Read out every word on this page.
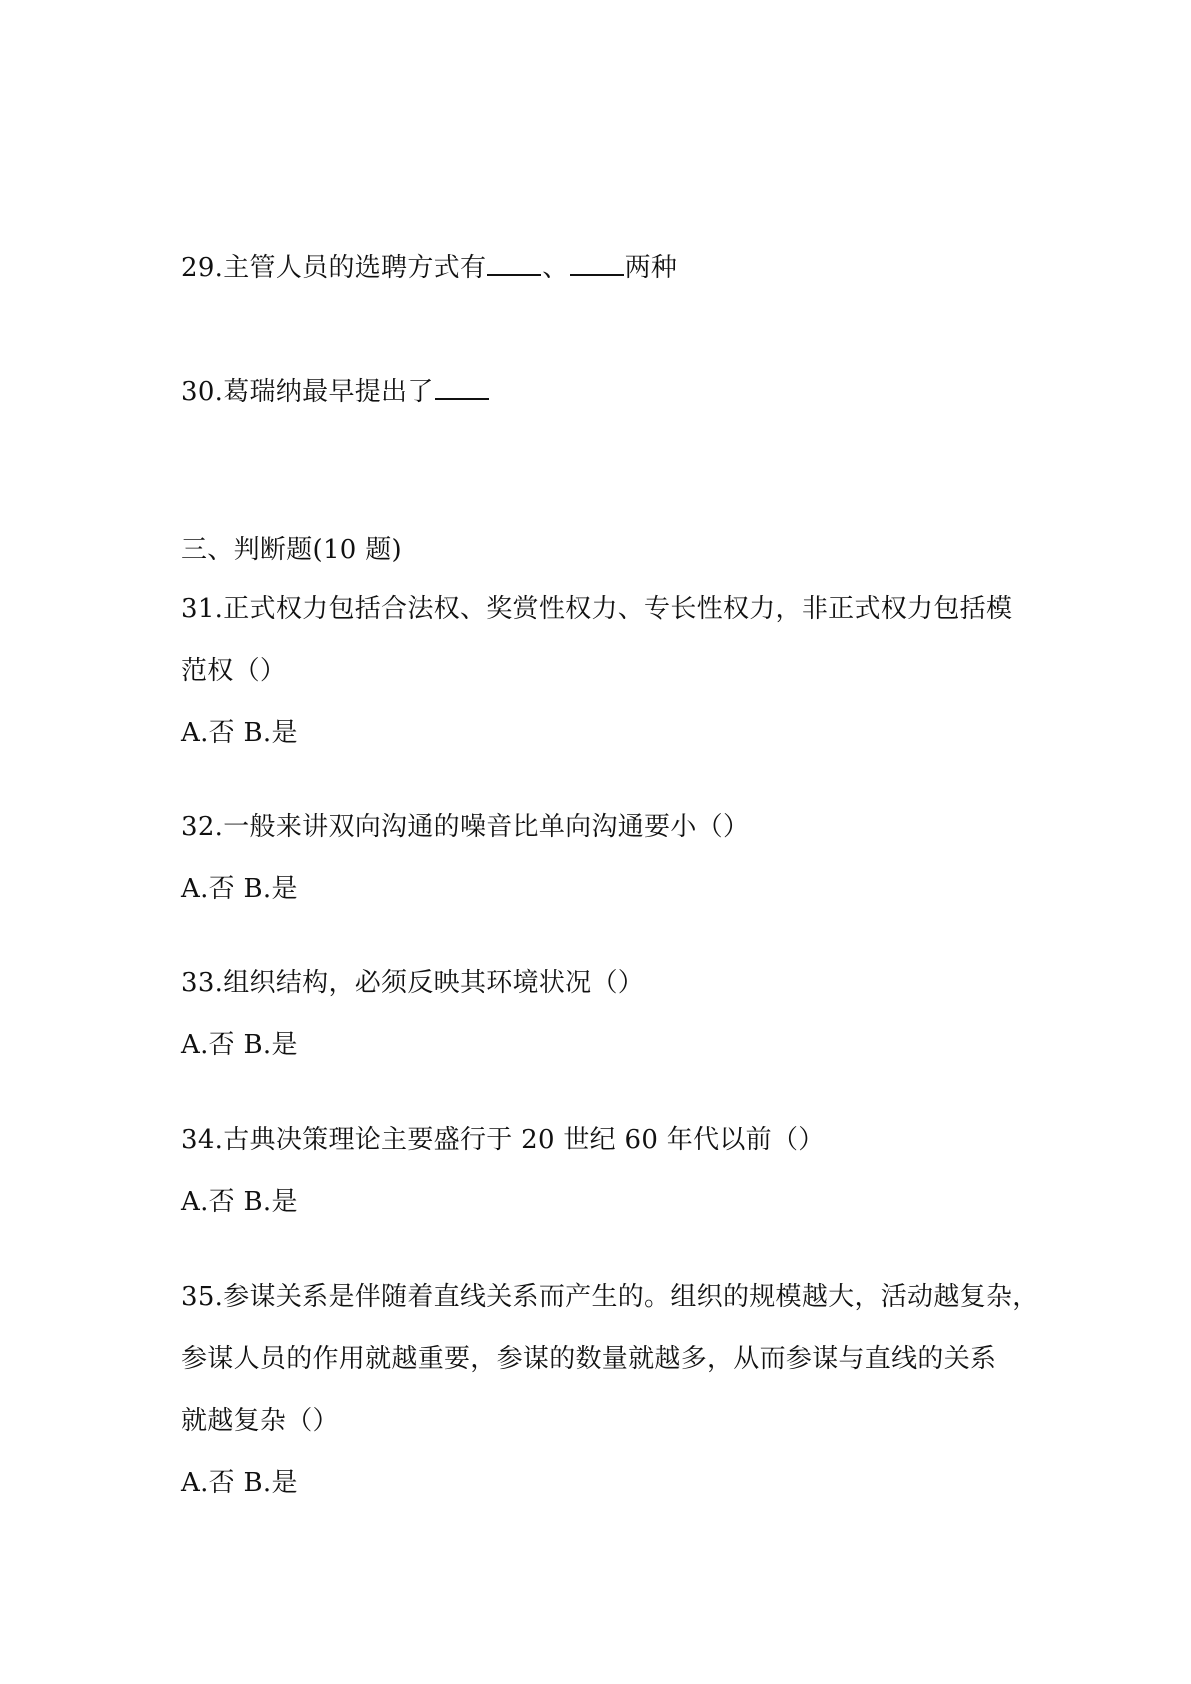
29.主管人员的选聘方式有 、 两种
30.葛瑞纳最早提出了
三、判断题(10 题)
31.正式权力包括合法权、奖赏性权力、专长性权力，非正式权力包括模
范权（）
A.否 B.是
32.一般来讲双向沟通的噪音比单向沟通要小（）
A.否 B.是
33.组织结构，必须反映其环境状况（）
A.否 B.是
34.古典决策理论主要盛行于 20 世纪 60 年代以前（）
A.否 B.是
35.参谋关系是伴随着直线关系而产生的。组织的规模越大，活动越复杂，
参谋人员的作用就越重要，参谋的数量就越多，从而参谋与直线的关系
就越复杂（）
A.否 B.是
